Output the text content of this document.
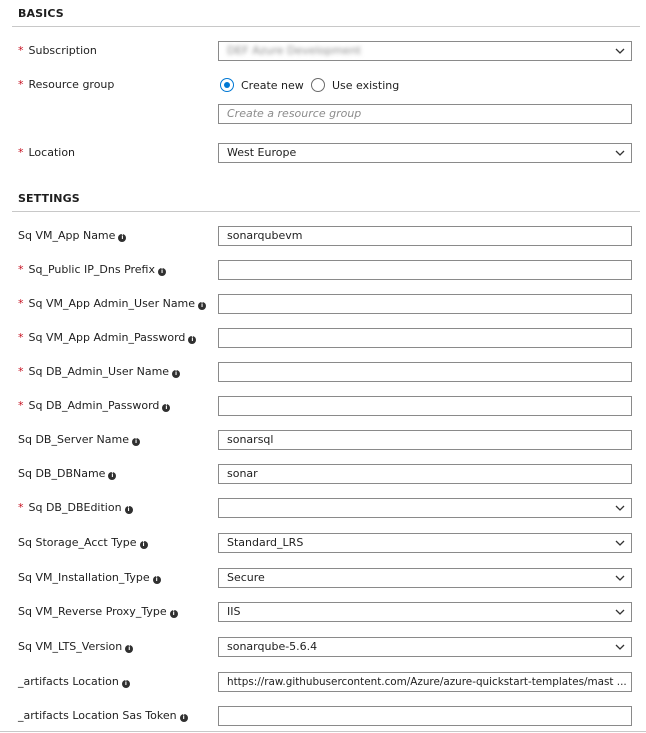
BASICS
* Subscription	DEF Azure Development
* Resource group	Create new	Use existing
Create a resource group
* Location	West Europe
SETTINGS
Sq VM_App Name i	sonarqubevm
* Sq_Public IP_Dns Prefix i
* Sq VM_App Admin_User Name i
* Sq VM_App Admin_Password i
* Sq DB_Admin_User Name i
* Sq DB_Admin_Password i
Sq DB_Server Name i	sonarsql
Sq DB_DBName i	sonar
* Sq DB_DBEdition i
Sq Storage_Acct Type i	Standard_LRS
Sq VM_Installation_Type i	Secure
Sq VM_Reverse Proxy_Type i	IIS
Sq VM_LTS_Version i	sonarqube-5.6.4
_artifacts Location i	https://raw.githubusercontent.com/Azure/azure-quickstart-templates/mast ...
_artifacts Location Sas Token i
